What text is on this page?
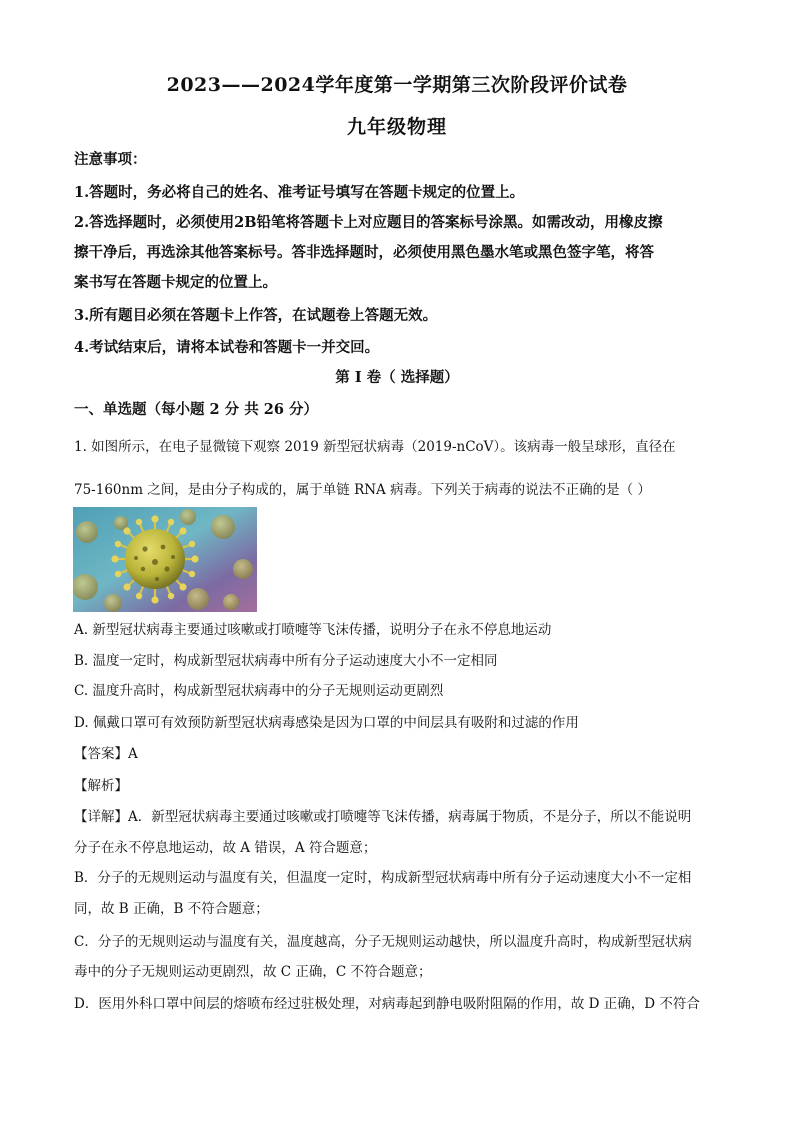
2023——2024学年度第一学期第三次阶段评价试卷
九年级物理
注意事项：
1.答题时，务必将自己的姓名、准考证号填写在答题卡规定的位置上。
2.答选择题时，必须使用2B铅笔将答题卡上对应题目的答案标号涂黑。如需改动，用橡皮擦
擦干净后，再选涂其他答案标号。答非选择题时，必须使用黑色墨水笔或黑色签字笔，将答
案书写在答题卡规定的位置上。
3.所有题目必须在答题卡上作答，在试题卷上答题无效。
4.考试结束后，请将本试卷和答题卡一并交回。
第 I 卷（ 选择题）
一、单选题（每小题 2 分 共 26 分）
1. 如图所示，在电子显微镜下观察 2019 新型冠状病毒（2019-nCoV）。该病毒一般呈球形，直径在
75-160nm 之间，是由分子构成的，属于单链 RNA 病毒。下列关于病毒的说法不正确的是（ ）
A. 新型冠状病毒主要通过咳嗽或打喷嚏等飞沫传播，说明分子在永不停息地运动
B. 温度一定时，构成新型冠状病毒中所有分子运动速度大小不一定相同
C. 温度升高时，构成新型冠状病毒中的分子无规则运动更剧烈
D. 佩戴口罩可有效预防新型冠状病毒感染是因为口罩的中间层具有吸附和过滤的作用
【答案】A
【解析】
【详解】A．新型冠状病毒主要通过咳嗽或打喷嚏等飞沫传播，病毒属于物质，不是分子，所以不能说明
分子在永不停息地运动，故 A 错误，A 符合题意；
B．分子的无规则运动与温度有关，但温度一定时，构成新型冠状病毒中所有分子运动速度大小不一定相
同，故 B 正确，B 不符合题意；
C．分子的无规则运动与温度有关，温度越高，分子无规则运动越快，所以温度升高时，构成新型冠状病
毒中的分子无规则运动更剧烈，故 C 正确，C 不符合题意；
D．医用外科口罩中间层的熔喷布经过驻极处理，对病毒起到静电吸附阻隔的作用，故 D 正确，D 不符合
